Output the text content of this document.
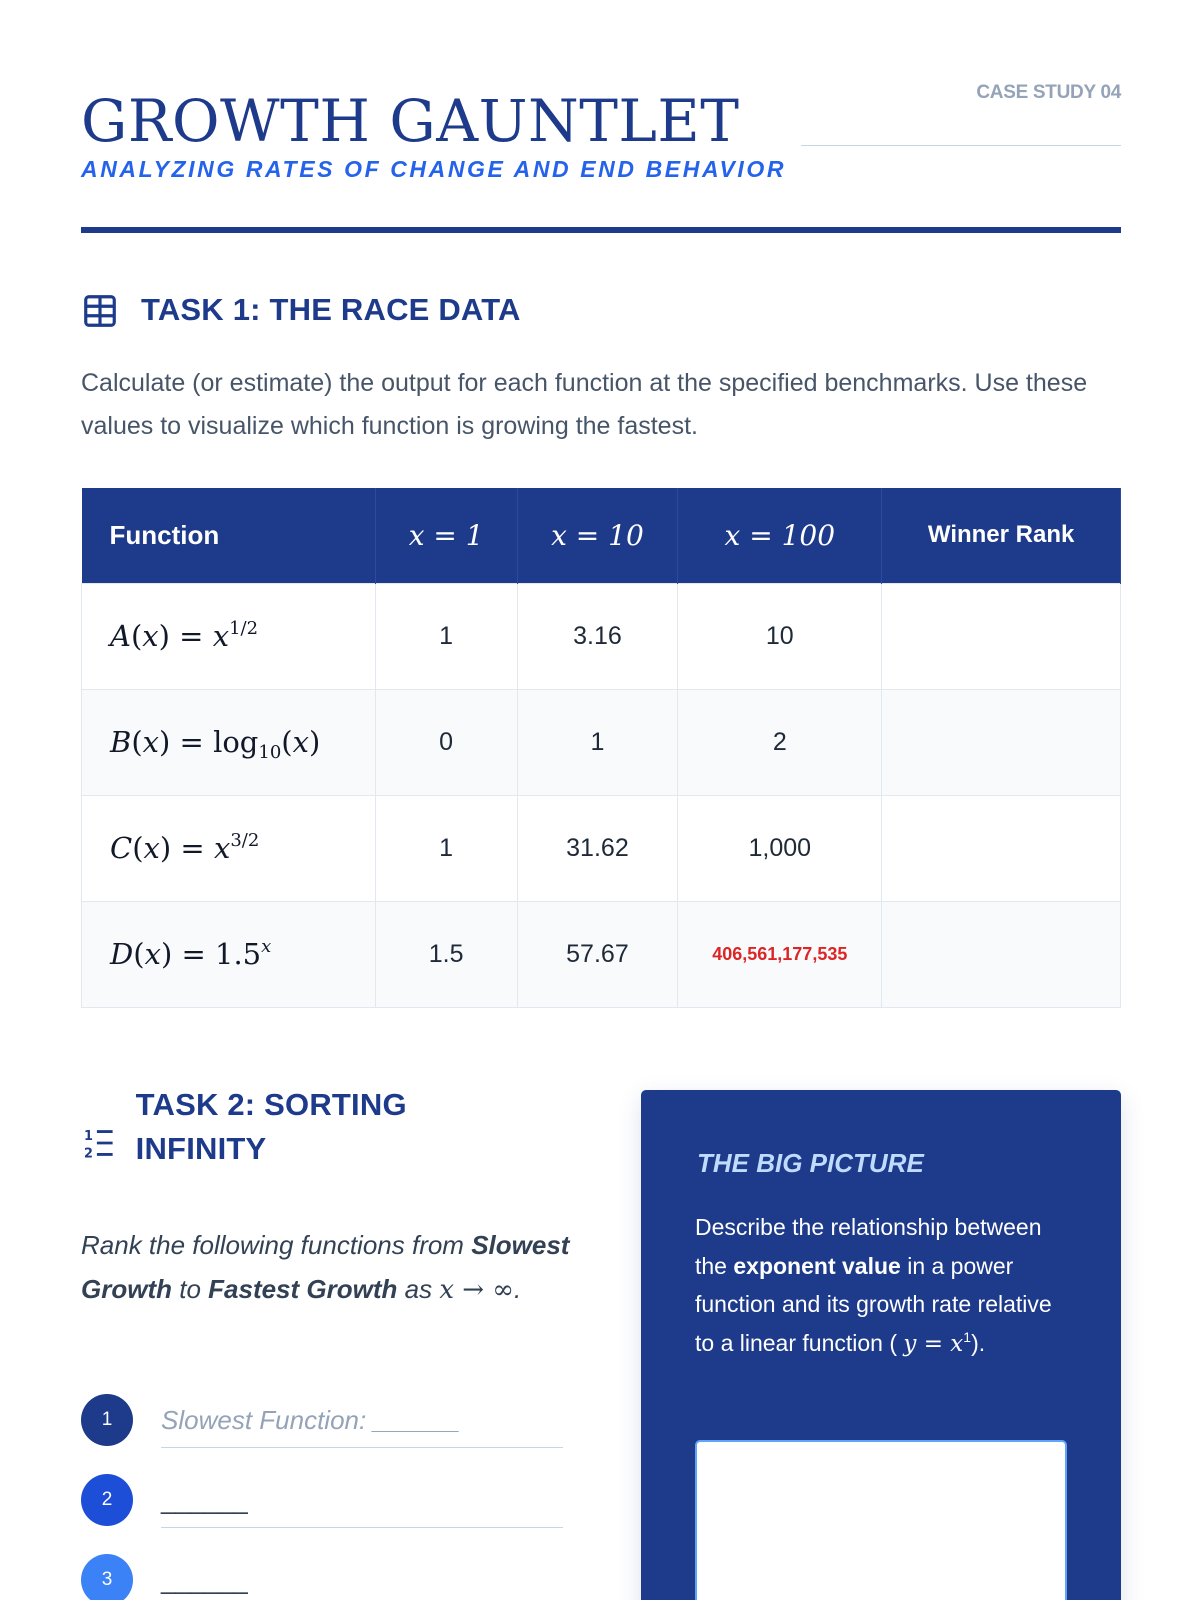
GROWTH GAUNTLET
ANALYZING RATES OF CHANGE AND END BEHAVIOR
CASE STUDY 04
TASK 1: THE RACE DATA

Calculate (or estimate) the output for each function at the specified benchmarks. Use these values to visualize which function is growing the fastest.

Function	x = 1	x = 10	x = 100	Winner Rank
$A(x) = x^{1/2}$	1	3.16	10	
$B(x) = \log_{10}(x)$	0	1	2	
$C(x) = x^{3/2}$	1	31.62	1,000	
$D(x) = 1.5^x$	1.5	57.67	406,561,177,535	
1
2
TASK 2: SORTING INFINITY

Rank the following functions from Slowest Growth to Fastest Growth as x → ∞.

1	Slowest Function: ______
2	______
3	______
THE BIG PICTURE

Describe the relationship between the exponent value in a power function and its growth rate relative to a linear function ( $y = x^1$).
